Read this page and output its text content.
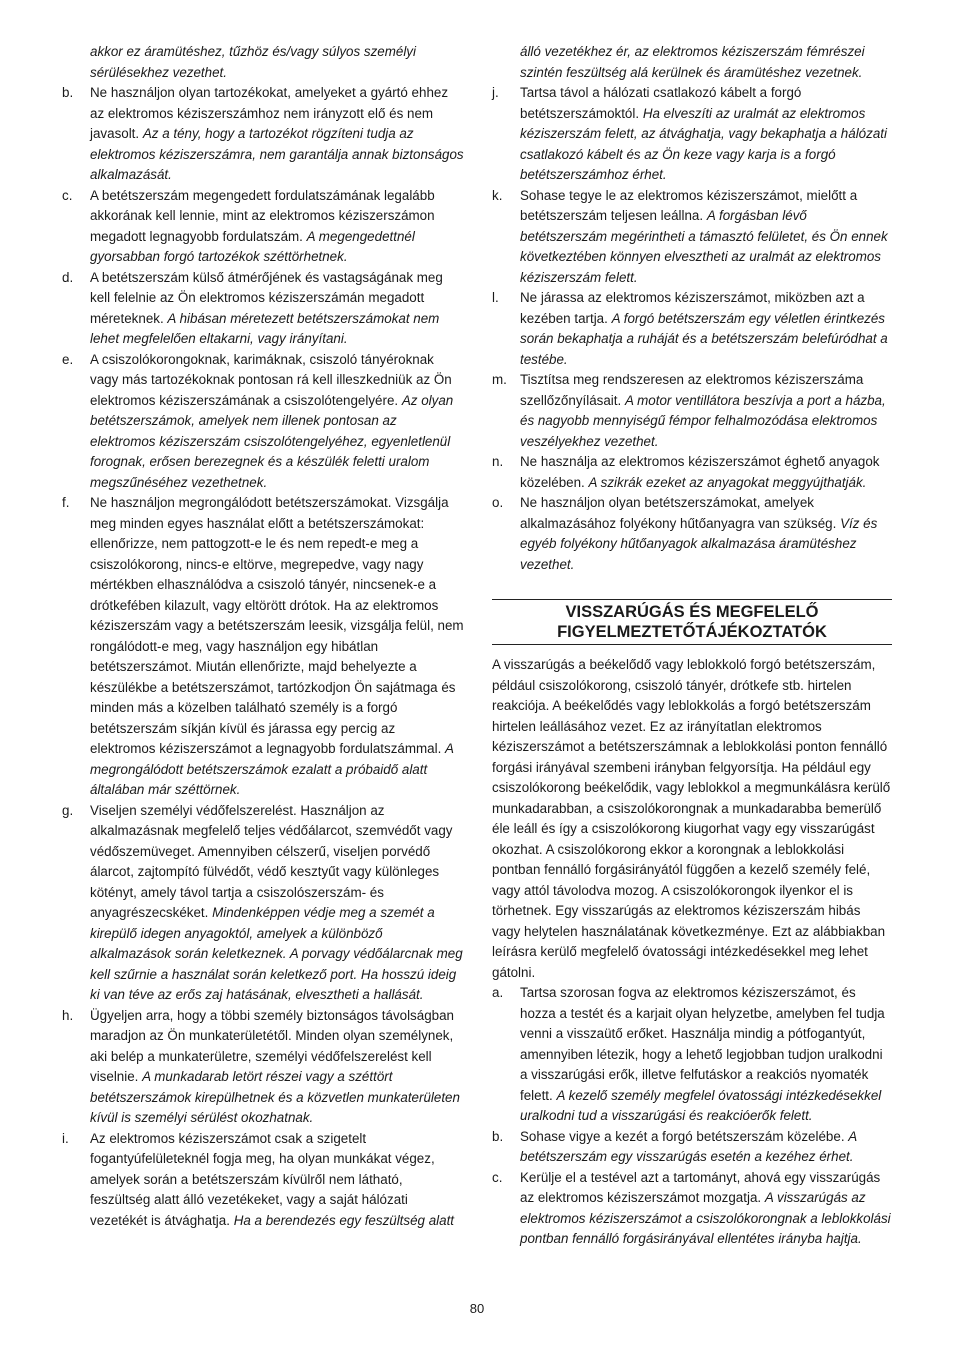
akkor ez áramütéshez, tűzhöz és/vagy súlyos személyi sérülésekhez vezethet.
b.	Ne használjon olyan tartozékokat, amelyeket a gyártó ehhez az elektromos kéziszerszámhoz nem irányzott elő és nem javasolt. Az a tény, hogy a tartozékot rögzíteni tudja az elektromos kéziszerszámra, nem garantálja annak biztonságos alkalmazását.
c.	A betétszerszám megengedett fordulatszámának legalább akkorának kell lennie, mint az elektromos kéziszerszámon megadott legnagyobb fordulatszám. A megengedettnél gyorsabban forgó tartozékok széttörhetnek.
d.	A betétszerszám külső átmérőjének és vastagságának meg kell felelnie az Ön elektromos kéziszerszámán megadott méreteknek. A hibásan méretezett betétszerszámokat nem lehet megfelelően eltakarni, vagy irányítani.
e.	A csiszolókorongoknak, karimáknak, csiszoló tányéroknak vagy más tartozékoknak pontosan rá kell illeszkedniük az Ön elektromos kéziszerszámának a csiszolótengelyére. Az olyan betétszerszámok, amelyek nem illenek pontosan az elektromos kéziszerszám csiszolótengelyéhez, egyenletlenül forognak, erősen berezegnek és a készülék feletti uralom megszűnéséhez vezethetnek.
f.	Ne használjon megrongálódott betétszerszámokat. Vizsgálja meg minden egyes használat előtt a betétszerszámokat: ellenőrizze, nem pattogzott-e le és nem repedt-e meg a csiszolókorong, nincs-e eltörve, megrepedve, vagy nagy mértékben elhasználódva a csiszoló tányér, nincsenek-e a drótkefében kilazult, vagy eltörött drótok. Ha az elektromos kéziszerszám vagy a betétszerszám leesik, vizsgálja felül, nem rongálódott-e meg, vagy használjon egy hibátlan betétszerszámot. Miután ellenőrizte, majd behelyezte a készülékbe a betétszerszámot, tartózkodjon Ön sajátmaga és minden más a közelben található személy is a forgó betétszerszám síkján kívül és járassa egy percig az elektromos kéziszerszámot a legnagyobb fordulatszámmal. A megrongálódott betétszerszámok ezalatt a próbaidő alatt általában már széttörnek.
g.	Viseljen személyi védőfelszerelést. Használjon az alkalmazásnak megfelelő teljes védőálarcot, szemvédőt vagy védőszemüveget. Amennyiben célszerű, viseljen porvédő álarcot, zajtompító fülvédőt, védő kesztyűt vagy különleges kötényt, amely távol tartja a csiszolószerszám- és anyagrészecskéket. Mindenképpen védje meg a szemét a kirepülő idegen anyagoktól, amelyek a különböző alkalmazások során keletkeznek. A porvagy védőálarcnak meg kell szűrnie a használat során keletkező port. Ha hosszú ideig ki van téve az erős zaj hatásának, elvesztheti a hallását.
h.	Ügyeljen arra, hogy a többi személy biztonságos távolságban maradjon az Ön munkaterületétől. Minden olyan személynek, aki belép a munkaterületre, személyi védőfelszerelést kell viselnie. A munkadarab letört részei vagy a széttört betétszerszámok kirepülhetnek és a közvetlen munkaterületen kívül is személyi sérülést okozhatnak.
i.	Az elektromos kéziszerszámot csak a szigetelt fogantyúfelületeknél fogja meg, ha olyan munkákat végez, amelyek során a betétszerszám kívülről nem látható, feszültség alatt álló vezetékeket, vagy a saját hálózati vezetékét is átvághatja. Ha a berendezés egy feszültség alatt
álló vezetékhez ér, az elektromos kéziszerszám fémrészei szintén feszültség alá kerülnek és áramütéshez vezetnek.
j.	Tartsa távol a hálózati csatlakozó kábelt a forgó betétszerszámoktól. Ha elveszíti az uralmát az elektromos kéziszerszám felett, az átvághatja, vagy bekaphatja a hálózati csatlakozó kábelt és az Ön keze vagy karja is a forgó betétszerszámhoz érhet.
k.	Sohase tegye le az elektromos kéziszerszámot, mielőtt a betétszerszám teljesen leállna. A forgásban lévő betétszerszám megérintheti a támasztó felületet, és Ön ennek következtében könnyen elvesztheti az uralmát az elektromos kéziszerszám felett.
l.	Ne járassa az elektromos kéziszerszámot, miközben azt a kezében tartja. A forgó betétszerszám egy véletlen érintkezés során bekaphatja a ruháját és a betétszerszám belefúródhat a testébe.
m. Tisztítsa meg rendszeresen az elektromos kéziszerszáma szellőzőnyílásait. A motor ventillátora beszívja a port a házba, és nagyobb mennyiségű fémpor felhalmozódása elektromos veszélyekhez vezethet.
n.	Ne használja az elektromos kéziszerszámot éghető anyagok közelében. A szikrák ezeket az anyagokat meggyújthatják.
o.	Ne használjon olyan betétszerszámokat, amelyek alkalmazásához folyékony hűtőanyagra van szükség. Víz és egyéb folyékony hűtőanyagok alkalmazása áramütéshez vezethet.
VISSZARÚGÁS ÉS MEGFELELŐ
FIGYELMEZTETŐTÁJÉKOZTATÓK
A visszarúgás a beékelődő vagy leblokkoló forgó betétszerszám, például csiszolókorong, csiszoló tányér, drótkefe stb. hirtelen reakciója. A beékelődés vagy leblokkolás a forgó betétszerszám hirtelen leállásához vezet. Ez az irányítatlan elektromos kéziszerszámot a betétszerszámnak a leblokkolási ponton fennálló forgási irányával szembeni irányban felgyorsítja. Ha például egy csiszolókorong beékelődik, vagy leblokkol a megmunkálásra kerülő munkadarabban, a csiszolókorongnak a munkadarabba bemerülő éle leáll és így a csiszolókorong kiugorhat vagy egy visszarúgást okozhat. A csiszolókorong ekkor a korongnak a leblokkolási pontban fennálló forgásirányától függően a kezelő személy felé, vagy attól távolodva mozog. A csiszolókorongok ilyenkor el is törhetnek. Egy visszarúgás az elektromos kéziszerszám hibás vagy helytelen használatának következménye. Ezt az alábbiakban leírásra kerülő megfelelő óvatossági intézkedésekkel meg lehet gátolni.
a.	Tartsa szorosan fogva az elektromos kéziszerszámot, és hozza a testét és a karjait olyan helyzetbe, amelyben fel tudja venni a visszaütő erőket. Használja mindig a pótfogantyút, amennyiben létezik, hogy a lehető legjobban tudjon uralkodni a visszarúgási erők, illetve felfutáskor a reakciós nyomaték felett. A kezelő személy megfelel óvatossági intézkedésekkel uralkodni tud a visszarúgási és reakcióerők felett.
b.	Sohase vigye a kezét a forgó betétszerszám közelébe. A betétszerszám egy visszarúgás esetén a kezéhez érhet.
c.	Kerülje el a testével azt a tartományt, ahová egy visszarúgás az elektromos kéziszerszámot mozgatja. A visszarúgás az elektromos kéziszerszámot a csiszolókorongnak a leblokkolási pontban fennálló forgásirányával ellentétes irányba hajtja.
80
